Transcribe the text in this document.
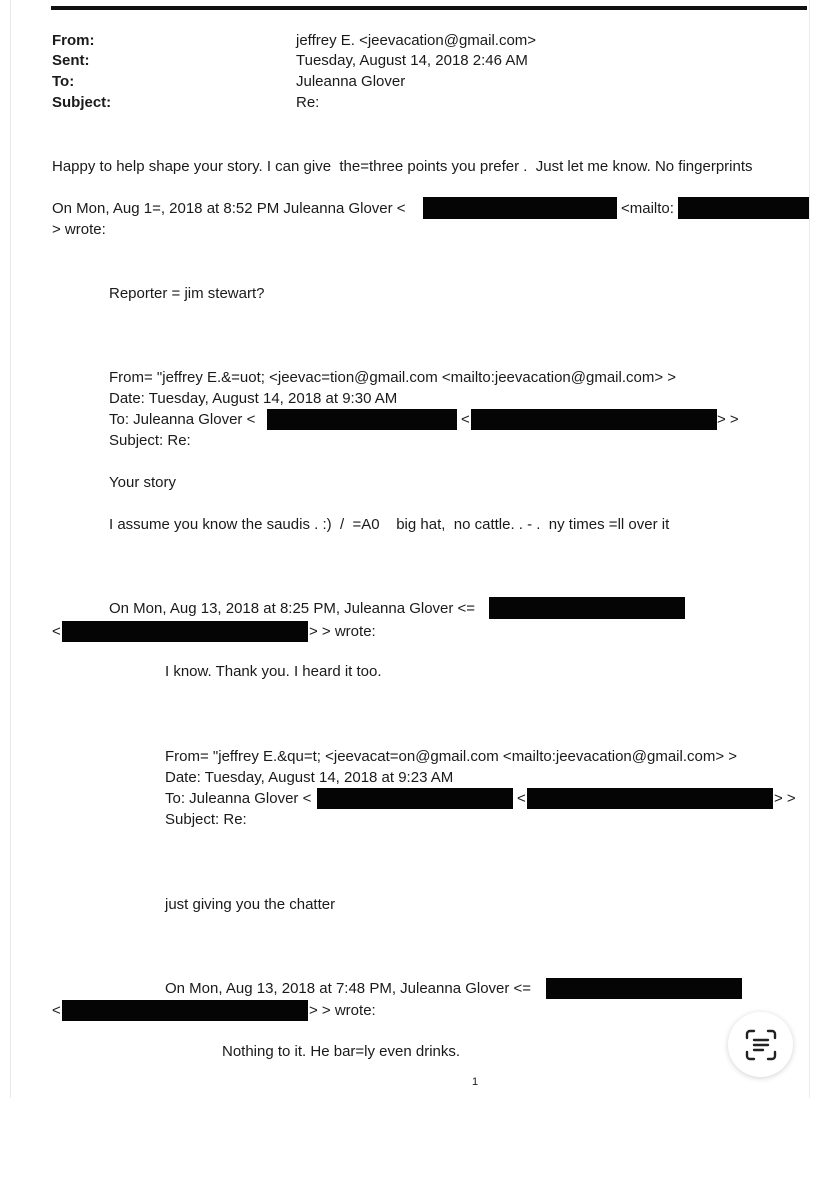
From:	jeffrey E. <jeevacation@gmail.com>
Sent:	Tuesday, August 14, 2018 2:46 AM
To:	Juleanna Glover
Subject:	Re:
Happy to help shape your story. I can give  the=three points you prefer .  Just let me know. No fingerprints
On Mon, Aug 1=, 2018 at 8:52 PM Juleanna Glover <	<mailto:
> wrote:
Reporter = jim stewart?
From= "jeffrey E.&=uot; <jeevac=tion@gmail.com <mailto:jeevacation@gmail.com> >
Date: Tuesday, August 14, 2018 at 9:30 AM
To: Juleanna Glover <	<	> >
Subject: Re:
Your story
I assume you know the saudis . :)  /  =A0    big hat,  no cattle. . - .  ny times =ll over it
On Mon, Aug 13, 2018 at 8:25 PM, Juleanna Glover <=
<	> > wrote:
I know. Thank you. I heard it too.
From= "jeffrey E.&qu=t; <jeevacat=on@gmail.com <mailto:jeevacation@gmail.com> >
Date: Tuesday, August 14, 2018 at 9:23 AM
To: Juleanna Glover <	<	> >
Subject: Re:
just giving you the chatter
On Mon, Aug 13, 2018 at 7:48 PM, Juleanna Glover <=
<	> > wrote:
Nothing to it. He bar=ly even drinks.
1
